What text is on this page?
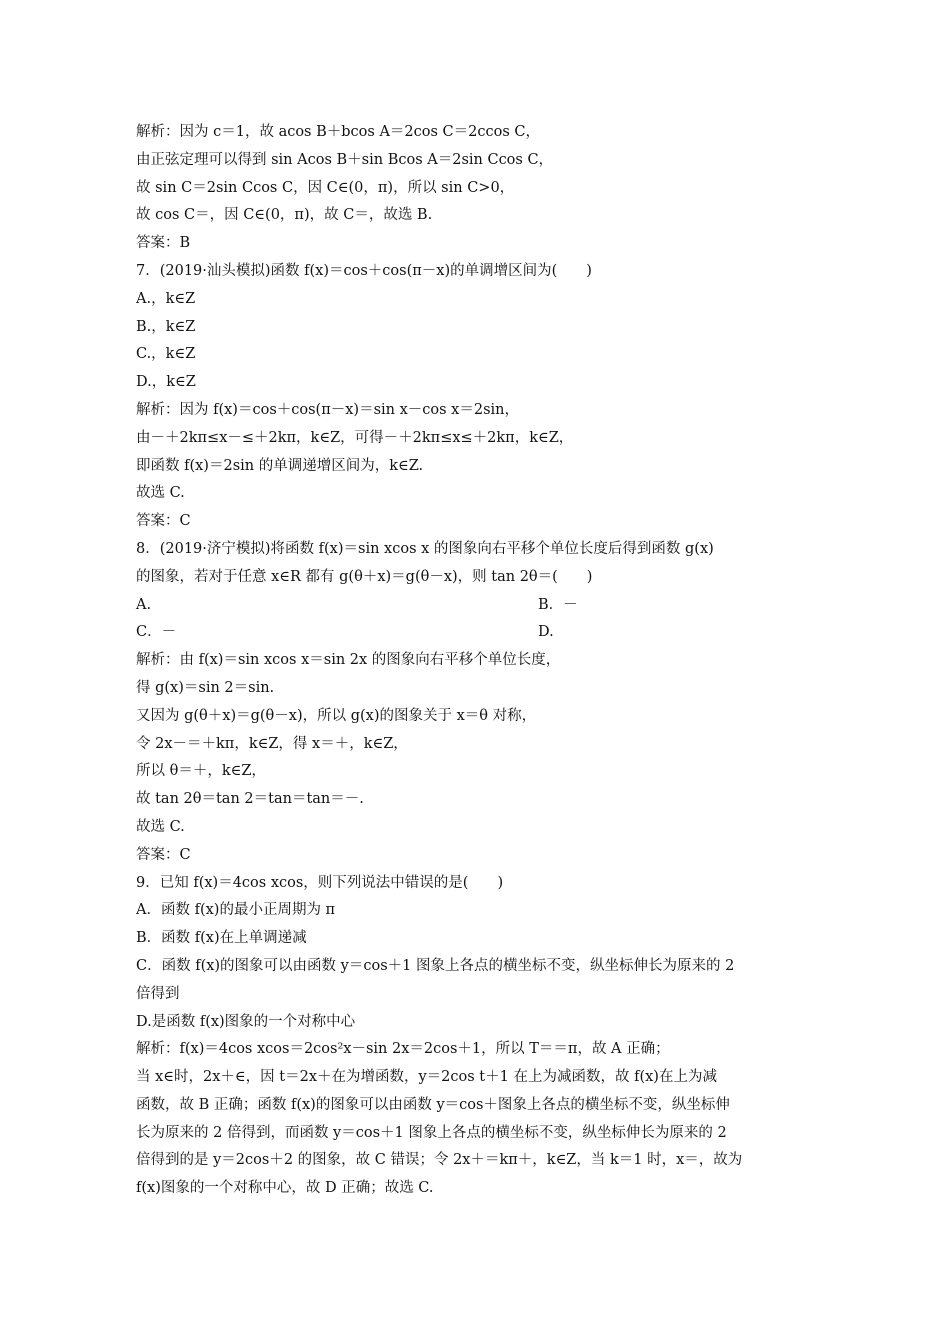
解析：因为 c＝1，故 acos B＋bcos A＝2cos C＝2ccos C，
由正弦定理可以得到 sin Acos B＋sin Bcos A＝2sin Ccos C，
故 sin C＝2sin Ccos C，因 C∈(0，π)，所以 sin C>0，
故 cos C＝，因 C∈(0，π)，故 C＝，故选 B.
答案：B
7．(2019·汕头模拟)函数 f(x)＝cos＋cos(π－x)的单调增区间为(　　)
A.，k∈Z
B.，k∈Z
C.，k∈Z
D.，k∈Z
解析：因为 f(x)＝cos＋cos(π－x)＝sin x－cos x＝2sin，
由－＋2kπ≤x－≤＋2kπ，k∈Z，可得－＋2kπ≤x≤＋2kπ，k∈Z，
即函数 f(x)＝2sin 的单调递增区间为，k∈Z.
故选 C.
答案：C
8．(2019·济宁模拟)将函数 f(x)＝sin xcos x 的图象向右平移个单位长度后得到函数 g(x)
的图象，若对于任意 x∈R 都有 g(θ＋x)＝g(θ－x)，则 tan 2θ＝(　　)
A.	B．－
C．－	D.
解析：由 f(x)＝sin xcos x＝sin 2x 的图象向右平移个单位长度，
得 g(x)＝sin 2＝sin.
又因为 g(θ＋x)＝g(θ－x)，所以 g(x)的图象关于 x＝θ 对称，
令 2x－＝＋kπ，k∈Z，得 x＝＋，k∈Z，
所以 θ＝＋，k∈Z，
故 tan 2θ＝tan 2＝tan＝tan＝－.
故选 C.
答案：C
9．已知 f(x)＝4cos xcos，则下列说法中错误的是(　　)
A．函数 f(x)的最小正周期为 π
B．函数 f(x)在上单调递减
C．函数 f(x)的图象可以由函数 y＝cos＋1 图象上各点的横坐标不变，纵坐标伸长为原来的 2
倍得到
D.是函数 f(x)图象的一个对称中心
解析：f(x)＝4cos xcos＝2cos²x－sin 2x＝2cos＋1，所以 T＝＝π，故 A 正确；
当 x∈时，2x＋∈，因 t＝2x＋在为增函数，y＝2cos t＋1 在上为减函数，故 f(x)在上为减
函数，故 B 正确；函数 f(x)的图象可以由函数 y＝cos＋图象上各点的横坐标不变，纵坐标伸
长为原来的 2 倍得到，而函数 y＝cos＋1 图象上各点的横坐标不变，纵坐标伸长为原来的 2
倍得到的是 y＝2cos＋2 的图象，故 C 错误；令 2x＋＝kπ＋，k∈Z，当 k＝1 时，x＝，故为
f(x)图象的一个对称中心，故 D 正确；故选 C.
